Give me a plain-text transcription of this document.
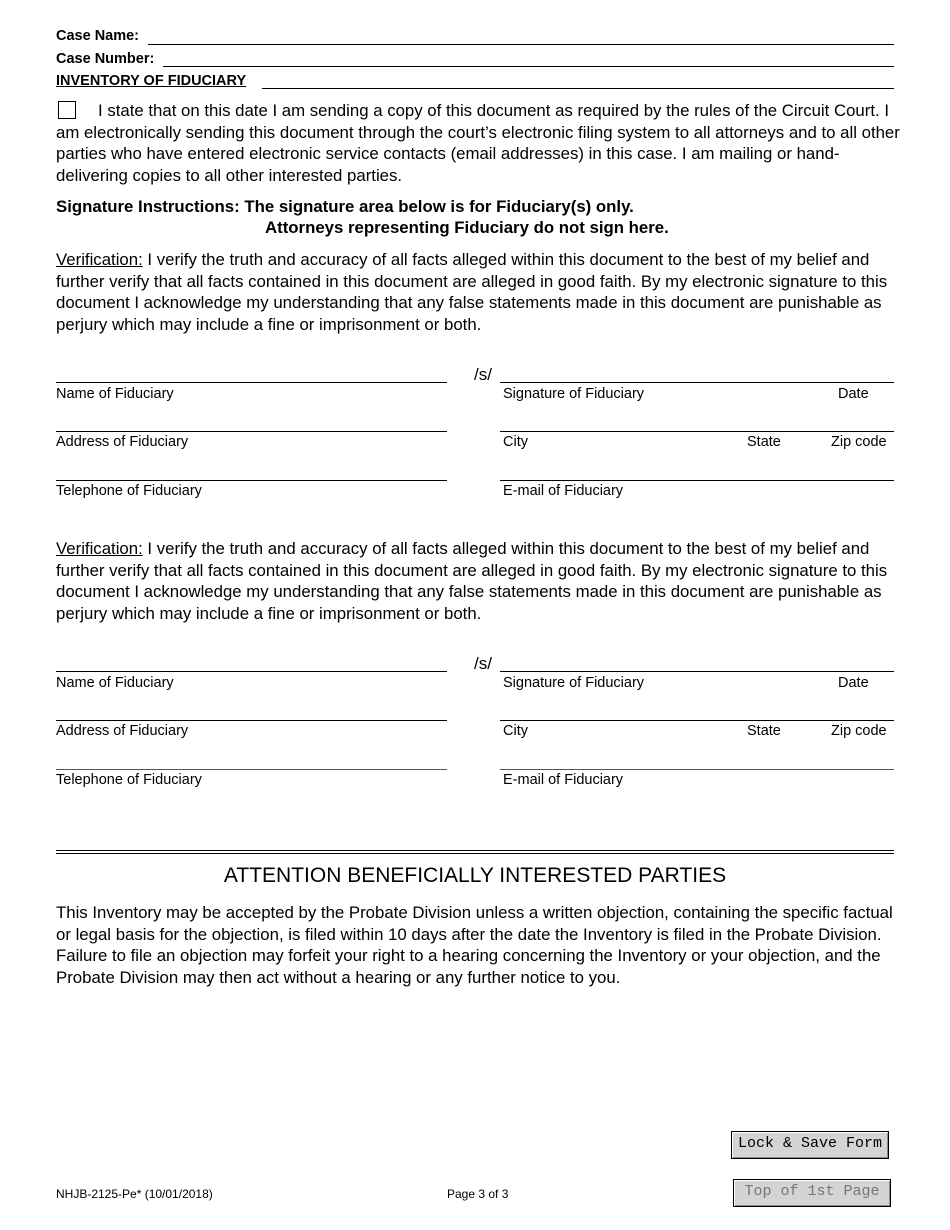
Case Name:
Case Number:
INVENTORY OF FIDUCIARY
I state that on this date I am sending a copy of this document as required by the rules of the Circuit Court. I am electronically sending this document through the court’s electronic filing system to all attorneys and to all other parties who have entered electronic service contacts (email addresses) in this case. I am mailing or hand-delivering copies to all other interested parties.
Signature Instructions: The signature area below is for Fiduciary(s) only.
Attorneys representing Fiduciary do not sign here.
Verification: I verify the truth and accuracy of all facts alleged within this document to the best of my belief and further verify that all facts contained in this document are alleged in good faith. By my electronic signature to this document I acknowledge my understanding that any false statements made in this document are punishable as perjury which may include a fine or imprisonment or both.
/s/
Name of Fiduciary	Signature of Fiduciary	Date
Address of Fiduciary	City	State	Zip code
Telephone of Fiduciary	E-mail of Fiduciary
Verification: I verify the truth and accuracy of all facts alleged within this document to the best of my belief and further verify that all facts contained in this document are alleged in good faith. By my electronic signature to this document I acknowledge my understanding that any false statements made in this document are punishable as perjury which may include a fine or imprisonment or both.
/s/
Name of Fiduciary	Signature of Fiduciary	Date
Address of Fiduciary	City	State	Zip code
Telephone of Fiduciary	E-mail of Fiduciary
ATTENTION BENEFICIALLY INTERESTED PARTIES
This Inventory may be accepted by the Probate Division unless a written objection, containing the specific factual or legal basis for the objection, is filed within 10 days after the date the Inventory is filed in the Probate Division. Failure to file an objection may forfeit your right to a hearing concerning the Inventory or your objection, and the Probate Division may then act without a hearing or any further notice to you.
NHJB-2125-Pe* (10/01/2018)	Page 3 of 3
Lock & Save Form
Top of 1st Page
